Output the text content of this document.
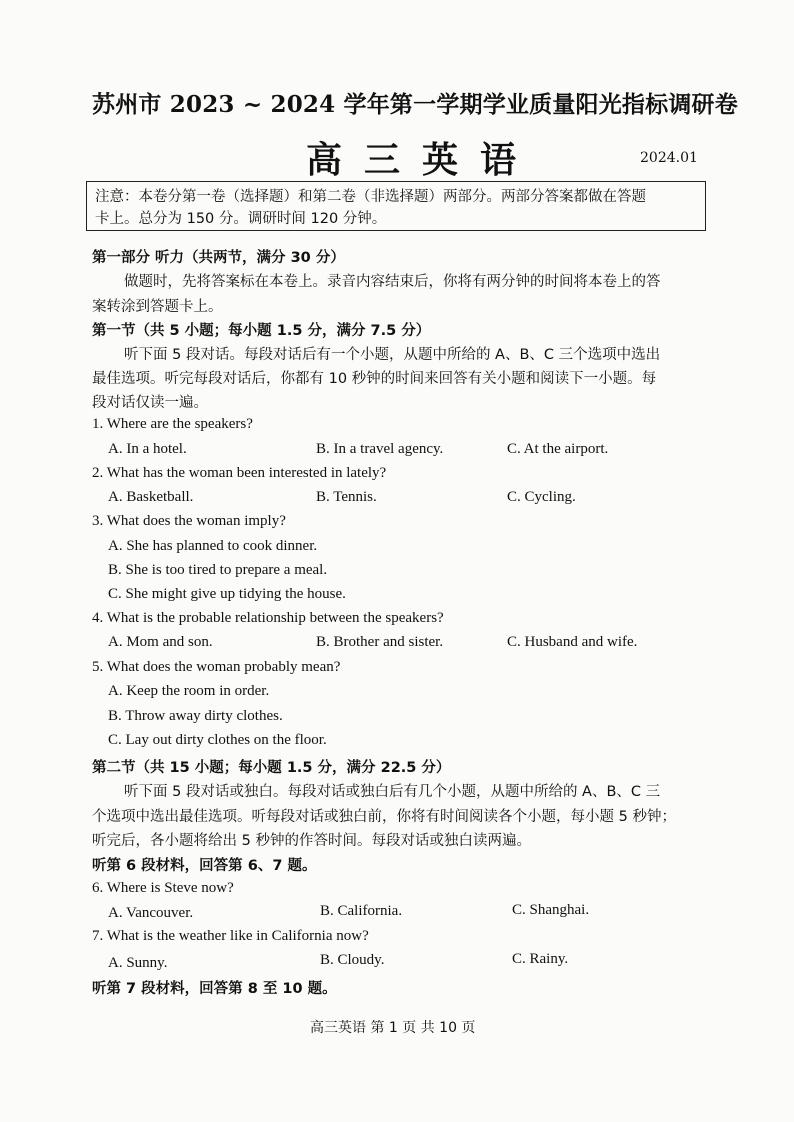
苏州市 2023 ~ 2024 学年第一学期学业质量阳光指标调研卷
高三英语	2024.01
注意：本卷分第一卷（选择题）和第二卷（非选择题）两部分。两部分答案都做在答题
卡上。总分为 150 分。调研时间 120 分钟。
第一部分 听力（共两节，满分 30 分）
做题时，先将答案标在本卷上。录音内容结束后，你将有两分钟的时间将本卷上的答
案转涂到答题卡上。
第一节（共 5 小题；每小题 1.5 分，满分 7.5 分）
听下面 5 段对话。每段对话后有一个小题，从题中所给的 A、B、C 三个选项中选出
最佳选项。听完每段对话后，你都有 10 秒钟的时间来回答有关小题和阅读下一小题。每
段对话仅读一遍。
1. Where are the speakers?
A. In a hotel.	B. In a travel agency.	C. At the airport.
2. What has the woman been interested in lately?
A. Basketball.	B. Tennis.	C. Cycling.
3. What does the woman imply?
A. She has planned to cook dinner.
B. She is too tired to prepare a meal.
C. She might give up tidying the house.
4. What is the probable relationship between the speakers?
A. Mom and son.	B. Brother and sister.	C. Husband and wife.
5. What does the woman probably mean?
A. Keep the room in order.
B. Throw away dirty clothes.
C. Lay out dirty clothes on the floor.
第二节（共 15 小题；每小题 1.5 分，满分 22.5 分）
听下面 5 段对话或独白。每段对话或独白后有几个小题，从题中所给的 A、B、C 三
个选项中选出最佳选项。听每段对话或独白前，你将有时间阅读各个小题，每小题 5 秒钟；
听完后，各小题将给出 5 秒钟的作答时间。每段对话或独白读两遍。
听第 6 段材料，回答第 6、7 题。
6. Where is Steve now?
A. Vancouver.	B. California.	C. Shanghai.
7. What is the weather like in California now?
A. Sunny.	B. Cloudy.	C. Rainy.
听第 7 段材料，回答第 8 至 10 题。
高三英语 第 1 页 共 10 页
